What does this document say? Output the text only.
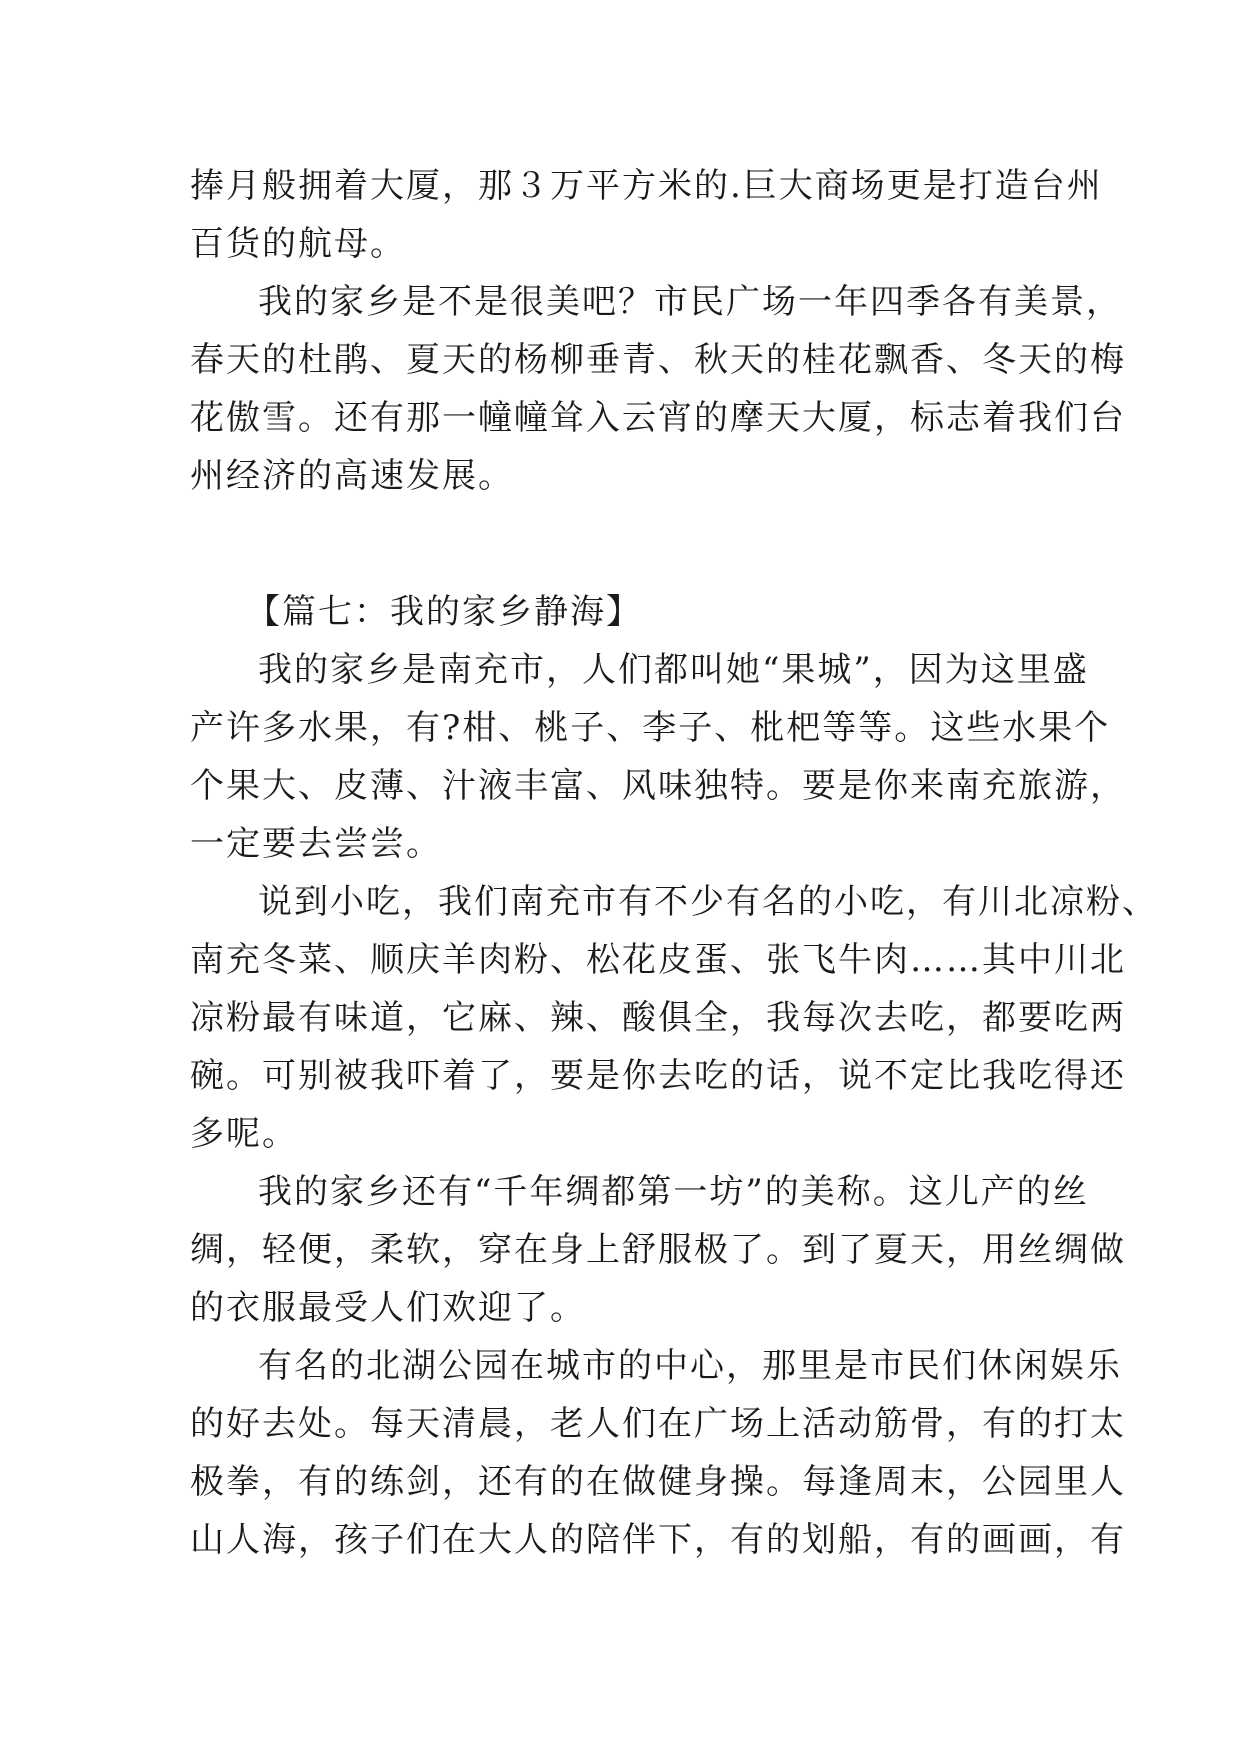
捧月般拥着大厦，那３万平方米的.巨大商场更是打造台州
百货的航母。
我的家乡是不是很美吧？市民广场一年四季各有美景，
春天的杜鹃、夏天的杨柳垂青、秋天的桂花飘香、冬天的梅
花傲雪。还有那一幢幢耸入云宵的摩天大厦，标志着我们台
州经济的高速发展。
【篇七：我的家乡静海】
我的家乡是南充市，人们都叫她“果城”，因为这里盛
产许多水果，有?柑、桃子、李子、枇杷等等。这些水果个
个果大、皮薄、汁液丰富、风味独特。要是你来南充旅游，
一定要去尝尝。
说到小吃，我们南充市有不少有名的小吃，有川北凉粉、
南充冬菜、顺庆羊肉粉、松花皮蛋、张飞牛肉……其中川北
凉粉最有味道，它麻、辣、酸俱全，我每次去吃，都要吃两
碗。可别被我吓着了，要是你去吃的话，说不定比我吃得还
多呢。
我的家乡还有“千年绸都第一坊”的美称。这儿产的丝
绸，轻便，柔软，穿在身上舒服极了。到了夏天，用丝绸做
的衣服最受人们欢迎了。
有名的北湖公园在城市的中心，那里是市民们休闲娱乐
的好去处。每天清晨，老人们在广场上活动筋骨，有的打太
极拳，有的练剑，还有的在做健身操。每逢周末，公园里人
山人海，孩子们在大人的陪伴下，有的划船，有的画画，有
